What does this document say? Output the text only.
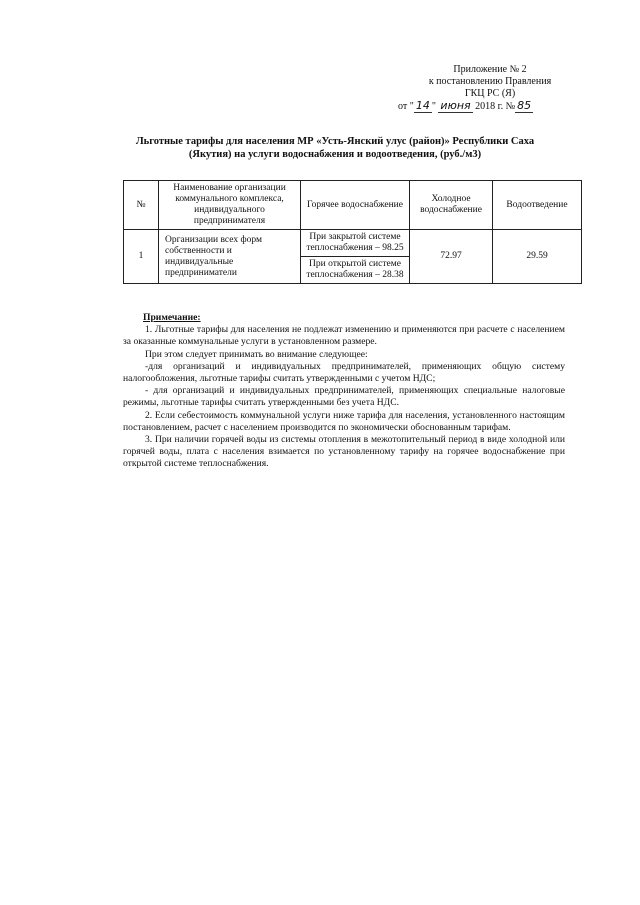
Приложение № 2
к постановлению Правления
ГКЦ РС (Я)
от " 14 " июня 2018 г. № 85
Льготные тарифы для населения МР «Усть-Янский улус (район)» Республики Саха
(Якутия) на услуги водоснабжения и водоотведения, (руб./м3)
№	Наименование организации коммунального комплекса, индивидуального предпринимателя	Горячее водоснабжение	Холодное водоснабжение	Водоотведение
1	Организации всех форм собственности и индивидуальные предприниматели	При закрытой системе теплоснабжения – 98.25	72.97	29.59
		При открытой системе теплоснабжения – 28.38		

Примечание:

1. Льготные тарифы для населения не подлежат изменению и применяются при расчете с населением за оказанные коммунальные услуги в установленном размере.

При этом следует принимать во внимание следующее:

-для организаций и индивидуальных предпринимателей, применяющих общую систему налогообложения, льготные тарифы считать утвержденными с учетом НДС;

- для организаций и индивидуальных предпринимателей, применяющих специальные налоговые режимы, льготные тарифы считать утвержденными без учета НДС.

2. Если себестоимость коммунальной услуги ниже тарифа для населения, установленного настоящим постановлением, расчет с населением производится по экономически обоснованным тарифам.

3. При наличии горячей воды из системы отопления в межотопительный период в виде холодной или горячей воды, плата с населения взимается по установленному тарифу на горячее водоснабжение при открытой системе теплоснабжения.
